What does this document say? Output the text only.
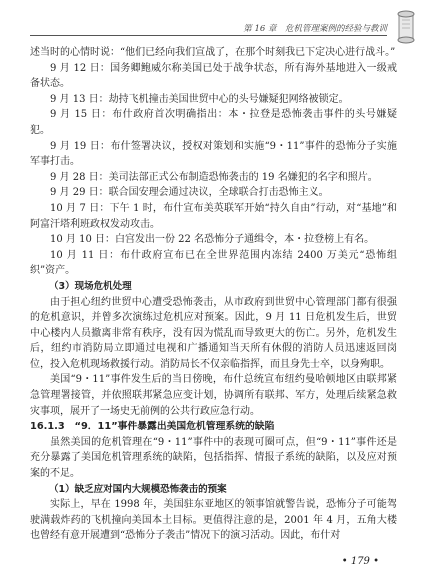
第 16 章　危机管理案例的经验与教训

述当时的心情时说：“他们已经向我们宣战了，在那个时刻我已下定决心进行战斗。”

9 月 12 日：国务卿鲍威尔称美国已处于战争状态，所有海外基地进入一级戒备状态。

9 月 13 日：劫持飞机撞击美国世贸中心的头号嫌疑犯网络被锁定。

9 月 15 日：布什政府首次明确指出：本・拉登是恐怖袭击事件的头号嫌疑犯。

9 月 19 日：布什签署决议，授权对策划和实施“9・11”事件的恐怖分子实施军事打击。

9 月 28 日：美司法部正式公布制造恐怖袭击的 19 名嫌犯的名字和照片。

9 月 29 日：联合国安理会通过决议，全球联合打击恐怖主义。

10 月 7 日：下午 1 时，布什宣布美英联军开始“持久自由”行动，对“基地”和阿富汗塔利班政权发动攻击。

10 月 10 日：白宫发出一份 22 名恐怖分子通缉令，本・拉登榜上有名。

10 月 11 日：布什政府宣布已在全世界范围内冻结 2400 万美元“恐怖组织”资产。

（3）现场危机处理

由于担心纽约世贸中心遭受恐怖袭击，从市政府到世贸中心管理部门都有很强的危机意识，并曾多次演练过危机应对预案。因此，9 月 11 日危机发生后，世贸中心楼内人员撤离非常有秩序，没有因为慌乱而导致更大的伤亡。另外，危机发生后，纽约市消防局立即通过电视和广播通知当天所有休假的消防人员迅速返回岗位，投入危机现场救援行动。消防局长不仅亲临指挥，而且身先士卒，以身殉职。

美国“9・11”事件发生后的当日傍晚，布什总统宣布纽约曼哈顿地区由联邦紧急管理署接管，并依照联邦紧急应变计划，协调所有联邦、军方，处理后续紧急救灾事项，展开了一场史无前例的公共行政应急行动。

16.1.3　“9．11”事件暴露出美国危机管理系统的缺陷

虽然美国的危机管理在“9・11”事件中的表现可圈可点，但“9・11”事件还是充分暴露了美国危机管理系统的缺陷，包括指挥、情报子系统的缺陷，以及应对预案的不足。

（1）缺乏应对国内大规模恐怖袭击的预案

实际上，早在 1998 年，美国驻东亚地区的领事馆就警告说，恐怖分子可能驾驶满载炸药的飞机撞向美国本土目标。更值得注意的是，2001 年 4 月，五角大楼也曾经有意开展遭到“恐怖分子袭击”情况下的演习活动。因此，布什对

• 179 •
